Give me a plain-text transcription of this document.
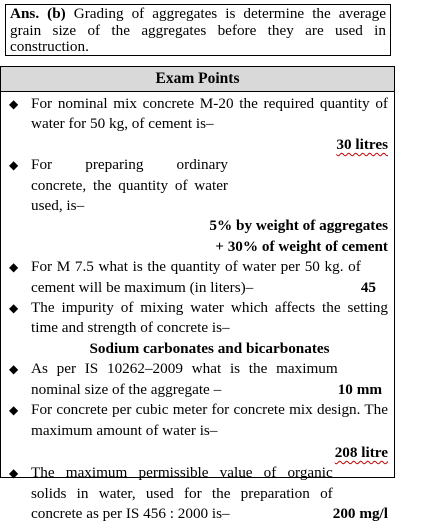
Ans. (b) Grading of aggregates is determine the average grain size of the aggregates before they are used in construction.
Exam Points
◆ For nominal mix concrete M-20 the required quantity of water for 50 kg, of cement is–
30 litres
◆ For preparing ordinary concrete, the quantity of water used, is–
5% by weight of aggregates
+ 30% of weight of cement
◆
45
For M 7.5 what is the quantity of water per 50 kg. of cement will be maximum (in liters)–
◆ The impurity of mixing water which affects the setting time and strength of concrete is–
Sodium carbonates and bicarbonates
◆
10 mm
As per IS 10262–2009 what is the maximum nominal size of the aggregate –
◆ For concrete per cubic meter for concrete mix design. The maximum amount of water is–
208 litre
◆
200 mg/l
The maximum permissible value of organic solids in water, used for the preparation of concrete as per IS 456 : 2000 is–
